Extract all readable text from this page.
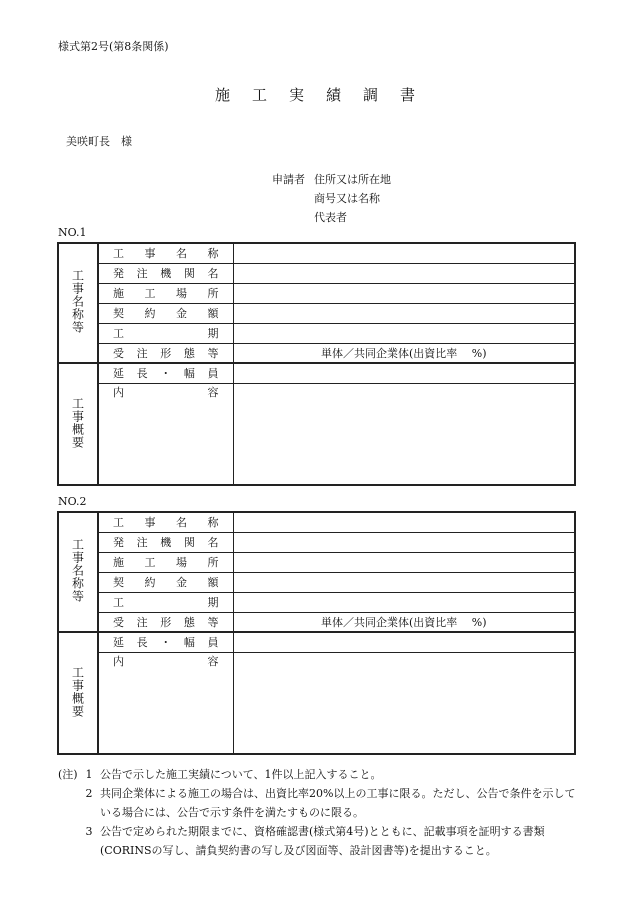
様式第2号(第8条関係)
施工実績調書
美咲町長　様
申請者 住所又は所在地
商号又は名称
代表者
NO.1
工事名称等	工事名称	

	発注機関名	

	施工場所	

	契約金額	

	工期	

	受注形態等	単体／共同企業体(出資比率　 %)
工事概要	延長・幅員	

	内容	

NO.2
工事名称等	工事名称	

	発注機関名	

	施工場所	

	契約金額	

	工期	

	受注形態等	単体／共同企業体(出資比率　 %)
工事概要	延長・幅員	

	内容	

(注) 1 公告で示した施工実績について、1件以上記入すること。
2 共同企業体による施工の場合は、出資比率20%以上の工事に限る。ただし、公告で条件を示している場合には、公告で示す条件を満たすものに限る。
3 公告で定められた期限までに、資格確認書(様式第4号)とともに、記載事項を証明する書類(CORINSの写し、請負契約書の写し及び図面等、設計図書等)を提出すること。
